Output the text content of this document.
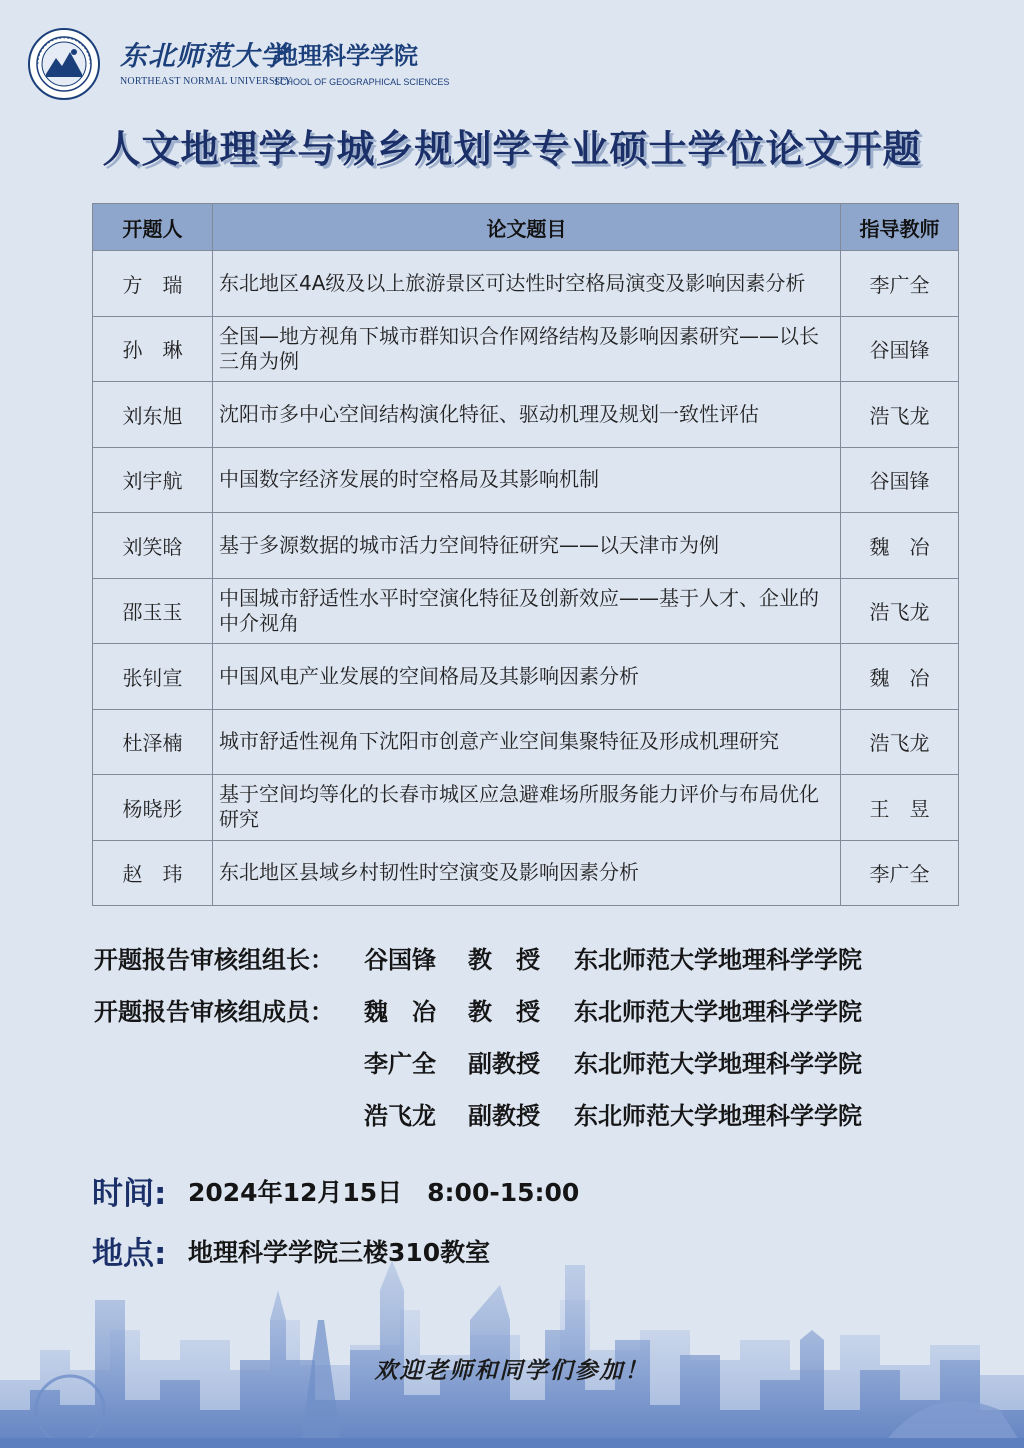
东北师范大学
地理科学学院
NORTHEAST NORMAL UNIVERSITY
SCHOOL OF GEOGRAPHICAL SCIENCES
人文地理学与城乡规划学专业硕士学位论文开题
开题人	论文题目	指导教师
方　瑞	东北地区4A级及以上旅游景区可达性时空格局演变及影响因素分析	李广全
孙　琳	全国—地方视角下城市群知识合作网络结构及影响因素研究——以长三角为例	谷国锋
刘东旭	沈阳市多中心空间结构演化特征、驱动机理及规划一致性评估	浩飞龙
刘宇航	中国数字经济发展的时空格局及其影响机制	谷国锋
刘笑晗	基于多源数据的城市活力空间特征研究——以天津市为例	魏　冶
邵玉玉	中国城市舒适性水平时空演化特征及创新效应——基于人才、企业的中介视角	浩飞龙
张钊宣	中国风电产业发展的空间格局及其影响因素分析	魏　冶
杜泽楠	城市舒适性视角下沈阳市创意产业空间集聚特征及形成机理研究	浩飞龙
杨晓彤	基于空间均等化的长春市城区应急避难场所服务能力评价与布局优化研究	王　昱
赵　玮	东北地区县域乡村韧性时空演变及影响因素分析	李广全
开题报告审核组组长： 谷国锋 教　授 东北师范大学地理科学学院
开题报告审核组成员： 魏　冶 教　授 东北师范大学地理科学学院
李广全 副教授 东北师范大学地理科学学院
浩飞龙 副教授 东北师范大学地理科学学院
时间: 2024年12月15日　8:00-15:00
地点: 地理科学学院三楼310教室
欢迎老师和同学们参加！
